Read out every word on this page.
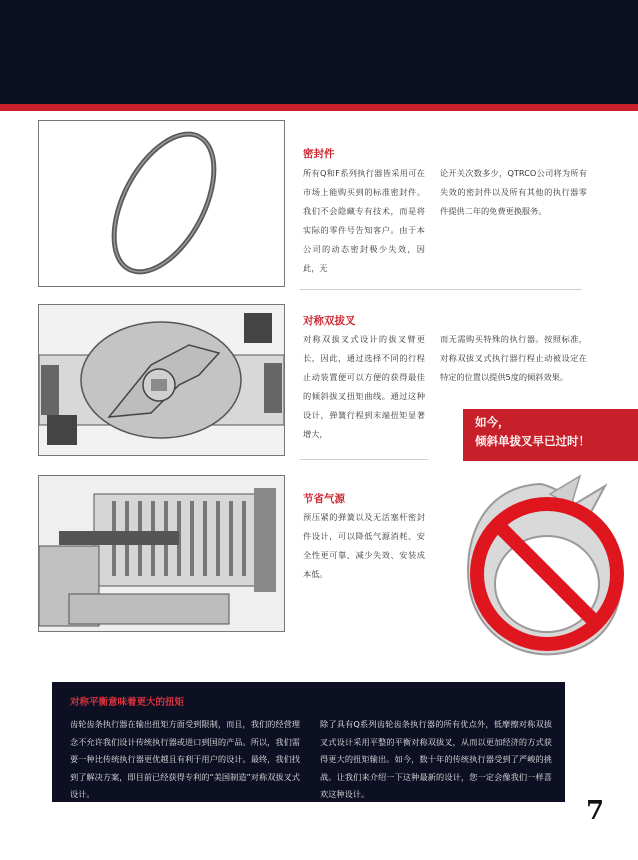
密封件
所有Q和F系列执行器皆采用可在市场上能购买到的标准密封件。我们不会隐藏专有技术，而是将实际的零件号告知客户。由于本公司的动态密封极少失效，因此，无
论开关次数多少，QTRCO公司将为所有失效的密封件以及所有其他的执行器零件提供二年的免费更换服务。
对称双拔叉
对称双拔叉式设计的拔叉臂更长，因此，通过选择不同的行程止动装置便可以方便的获得最佳的倾斜拔叉扭矩曲线。通过这种设计，弹簧行程到末端扭矩显著增大，
而无需购买特殊的执行器。按照标准，对称双拔叉式执行器行程止动被设定在特定的位置以提供5度的倾斜效果。
如今，
倾斜单拔叉早已过时！
节省气源
预压紧的弹簧以及无活塞杆密封件设计，可以降低气源消耗、安全性更可靠、减少失效、安装成本低。
对称平衡意味着更大的扭矩
齿轮齿条执行器在输出扭矩方面受到限制，而且，我们的经营理念不允许我们设计传统执行器或进口到国的产品。所以，我们需要一种比传统执行器更优越且有利于用户的设计。最终，我们找到了解决方案，即目前已经获得专利的“美国制造”对称双拔叉式设计。
除了具有Q系列齿轮齿条执行器的所有优点外，低摩擦对称双拔叉式设计采用平整的平衡对称双拔叉，从而以更加经济的方式获得更大的扭矩输出。如今，数十年的传统执行器受到了严峻的挑战。让我们来介绍一下这种最新的设计，您一定会像我们一样喜欢这种设计。
7
